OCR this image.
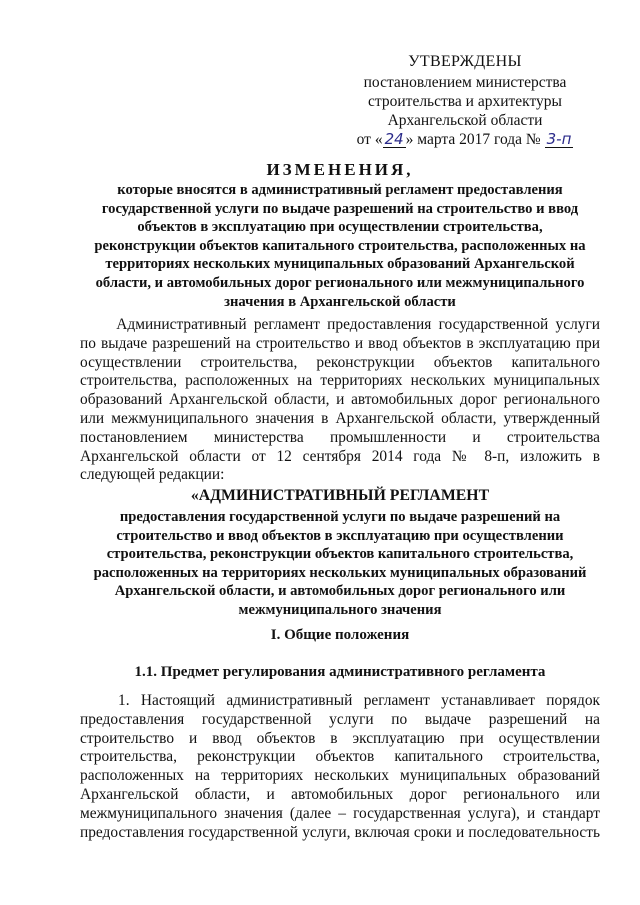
УТВЕРЖДЕНЫ
постановлением министерства
строительства и архитектуры
Архангельской области
от « 24 » марта 2017 года № 3-п
ИЗМЕНЕНИЯ,
которые вносятся в административный регламент предоставления
государственной услуги по выдаче разрешений на строительство и ввод
объектов в эксплуатацию при осуществлении строительства,
реконструкции объектов капитального строительства, расположенных на
территориях нескольких муниципальных образований Архангельской
области, и автомобильных дорог регионального или межмуниципального
значения в Архангельской области
Административный регламент предоставления государственной услуги
по выдаче разрешений на строительство и ввод объектов в эксплуатацию при
осуществлении строительства, реконструкции объектов капитального
строительства, расположенных на территориях нескольких муниципальных
образований Архангельской области, и автомобильных дорог регионального
или межмуниципального значения в Архангельской области, утвержденный
постановлением министерства промышленности и строительства
Архангельской области от 12 сентября 2014 года № 8-п, изложить в
следующей редакции:
«АДМИНИСТРАТИВНЫЙ РЕГЛАМЕНТ
предоставления государственной услуги по выдаче разрешений на
строительство и ввод объектов в эксплуатацию при осуществлении
строительства, реконструкции объектов капитального строительства,
расположенных на территориях нескольких муниципальных образований
Архангельской области, и автомобильных дорог регионального или
межмуниципального значения
I. Общие положения
1.1. Предмет регулирования административного регламента
1. Настоящий административный регламент устанавливает порядок
предоставления государственной услуги по выдаче разрешений на
строительство и ввод объектов в эксплуатацию при осуществлении
строительства, реконструкции объектов капитального строительства,
расположенных на территориях нескольких муниципальных образований
Архангельской области, и автомобильных дорог регионального или
межмуниципального значения (далее – государственная услуга), и стандарт
предоставления государственной услуги, включая сроки и последовательность
